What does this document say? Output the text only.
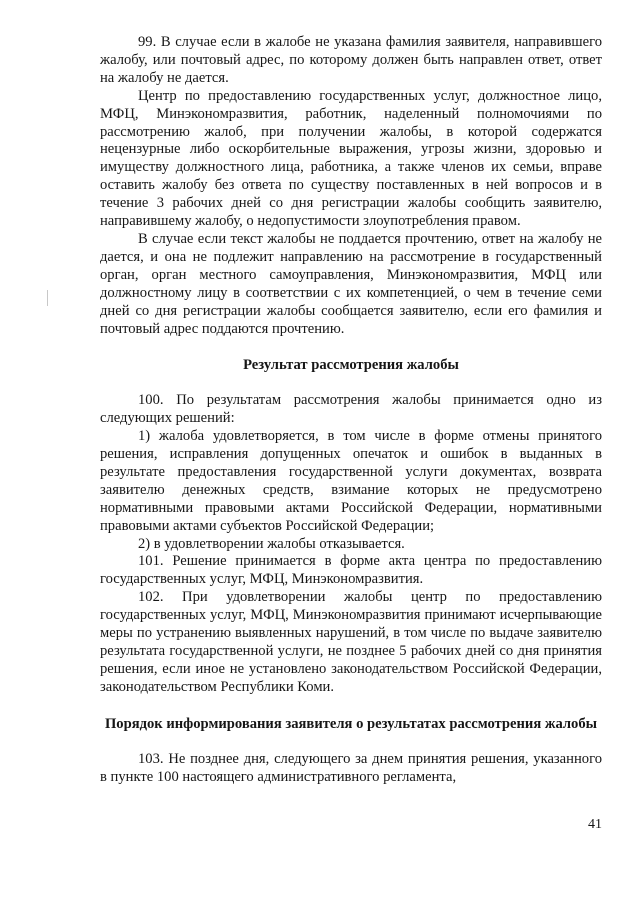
99. В случае если в жалобе не указана фамилия заявителя, направившего жалобу, или почтовый адрес, по которому должен быть направлен ответ, ответ на жалобу не дается.

Центр по предоставлению государственных услуг, должностное лицо, МФЦ, Минэкономразвития, работник, наделенный полномочиями по рассмотрению жалоб, при получении жалобы, в которой содержатся нецензурные либо оскорбительные выражения, угрозы жизни, здоровью и имуществу должностного лица, работника, а также членов их семьи, вправе оставить жалобу без ответа по существу поставленных в ней вопросов и в течение 3 рабочих дней со дня регистрации жалобы сообщить заявителю, направившему жалобу, о недопустимости злоупотребления правом.

В случае если текст жалобы не поддается прочтению, ответ на жалобу не дается, и она не подлежит направлению на рассмотрение в государственный орган, орган местного самоуправления, Минэкономразвития, МФЦ или должностному лицу в соответствии с их компетенцией, о чем в течение семи дней со дня регистрации жалобы сообщается заявителю, если его фамилия и почтовый адрес поддаются прочтению.

Результат рассмотрения жалобы

100. По результатам рассмотрения жалобы принимается одно из следующих решений:

1) жалоба удовлетворяется, в том числе в форме отмены принятого решения, исправления допущенных опечаток и ошибок в выданных в результате предоставления государственной услуги документах, возврата заявителю денежных средств, взимание которых не предусмотрено нормативными правовыми актами Российской Федерации, нормативными правовыми актами субъектов Российской Федерации;

2) в удовлетворении жалобы отказывается.

101. Решение принимается в форме акта центра по предоставлению государственных услуг, МФЦ, Минэкономразвития.

102. При удовлетворении жалобы центр по предоставлению государственных услуг, МФЦ, Минэкономразвития принимают исчерпывающие меры по устранению выявленных нарушений, в том числе по выдаче заявителю результата государственной услуги, не позднее 5 рабочих дней со дня принятия решения, если иное не установлено законодательством Российской Федерации, законодательством Республики Коми.

Порядок информирования заявителя о результатах рассмотрения жалобы

103. Не позднее дня, следующего за днем принятия решения, указанного в пункте 100 настоящего административного регламента,

41
